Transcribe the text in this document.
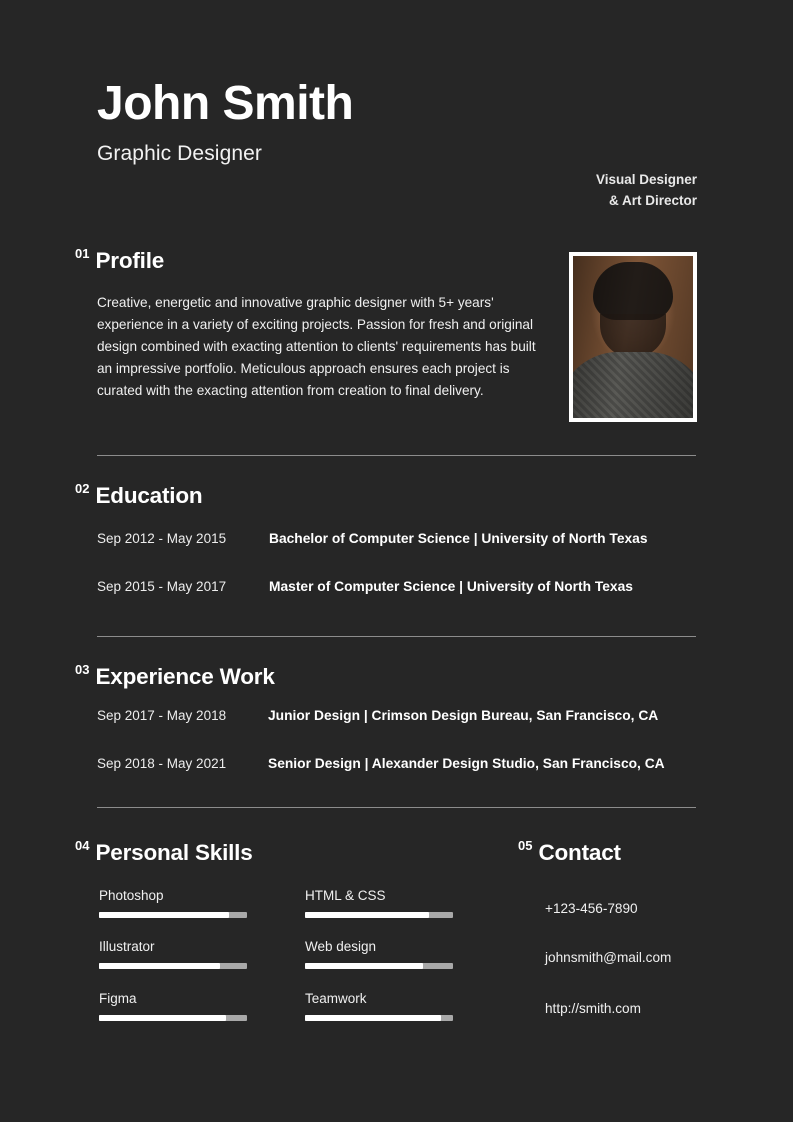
John Smith
Graphic Designer
Visual Designer
& Art Director
01 Profile
Creative, energetic and innovative graphic designer with 5+ years' experience in a variety of exciting projects. Passion for fresh and original design combined with exacting attention to clients' requirements has built an impressive portfolio. Meticulous approach ensures each project is curated with the exacting attention from creation to final delivery.
02 Education
Sep 2012 - May 2015	Bachelor of Computer Science | University of North Texas
Sep 2015 - May 2017	Master of Computer Science | University of North Texas
03 Experience Work
Sep 2017 - May 2018	Junior Design | Crimson Design Bureau, San Francisco, CA
Sep 2018 - May 2021	Senior Design | Alexander Design Studio, San Francisco, CA
04 Personal Skills
Photoshop
Illustrator
Figma
HTML & CSS
Web design
Teamwork
05 Contact
+123-456-7890
johnsmith@mail.com
http://smith.com
